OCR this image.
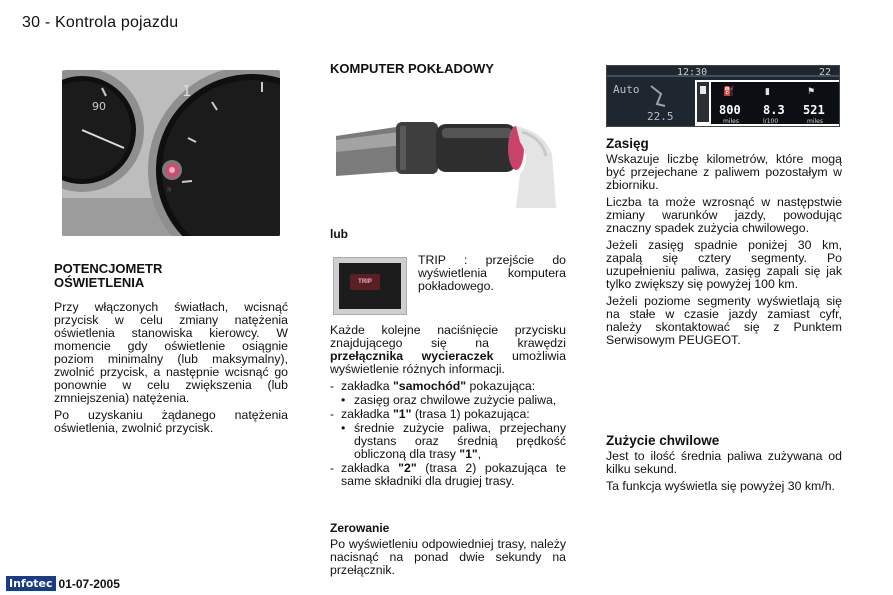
30 - Kontrola pojazdu
90
1
☼
POTENCJOMETR
OŚWIETLENIA

Przy włączonych światłach, wcisnąć przycisk w celu zmiany natężenia oświetlenia stanowiska kierowcy. W momencie gdy oświetlenie osiągnie poziom minimalny (lub maksymalny), zwolnić przycisk, a następnie wcisnąć go ponownie w celu zwiększenia (lub zmniejszenia) natężenia.

Po uzyskaniu żądanego natężenia oświetlenia, zwolnić przycisk.

KOMPUTER POKŁADOWY
lub
TRIP

TRIP : przejście do wyświetlenia komputera pokładowego.

Każde kolejne naciśnięcie przycisku znajdującego się na krawędzi przełącznika wycieraczek umożliwia wyświetlenie różnych informacji.

- zakładka "samochód" pokazująca:
• zasięg oraz chwilowe zużycie paliwa,
- zakładka "1" (trasa 1) pokazująca:
• średnie zużycie paliwa, przejechany dystans oraz średnią prędkość obliczoną dla trasy "1",
- zakładka "2" (trasa 2) pokazująca te same składniki dla drugiej trasy.
Zerowanie

Po wyświetleniu odpowiedniej trasy, należy nacisnąć na ponad dwie sekundy na przełącznik.

12:30	22
Auto
22.5
⛽	▮	⚑
800 8.3 521
miles	l/100	miles
Zasięg

Wskazuje liczbę kilometrów, które mogą być przejechane z paliwem pozostałym w zbiorniku.

Liczba ta może wzrosnąć w następstwie zmiany warunków jazdy, powodując znaczny spadek zużycia chwilowego.

Jeżeli zasięg spadnie poniżej 30 km, zapalą się cztery segmenty. Po uzupełnieniu paliwa, zasięg zapali się jak tylko zwiększy się powyżej 100 km.

Jeżeli poziome segmenty wyświetlają się na stałe w czasie jazdy zamiast cyfr, należy skontaktować się z Punktem Serwisowym PEUGEOT.

Zużycie chwilowe

Jest to ilość średnia paliwa zużywana od kilku sekund.

Ta funkcja wyświetla się powyżej 30 km/h.

Infotec 01-07-2005
